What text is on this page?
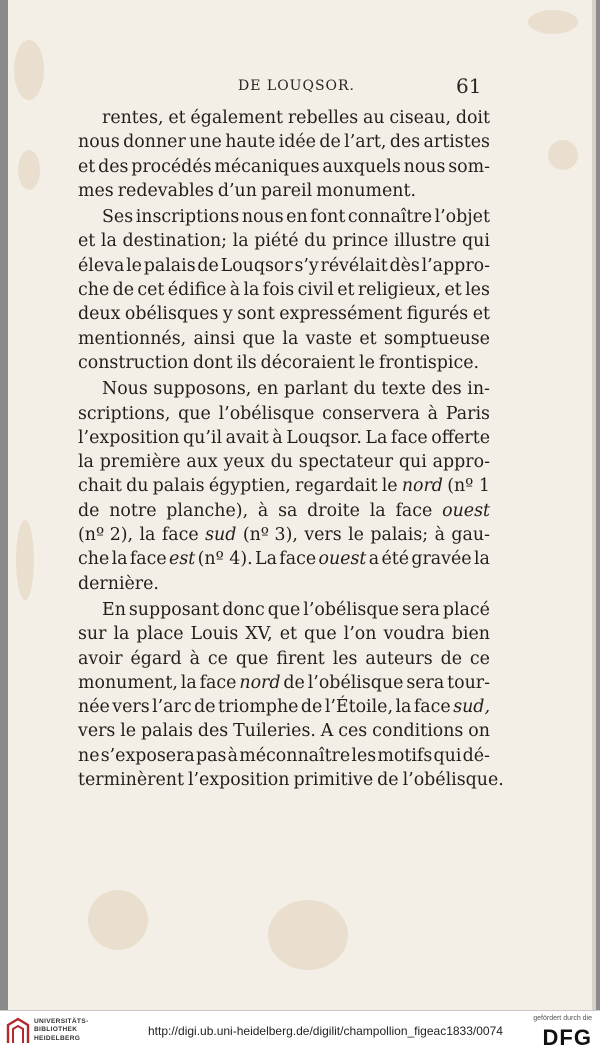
DE LOUQSOR.	61
rentes, et également rebelles au ciseau, doit
nous donner une haute idée de l’art, des artistes
et des procédés mécaniques auxquels nous som-
mes redevables d’un pareil monument.
Ses inscriptions nous en font connaître l’objet
et la destination; la piété du prince illustre qui
éleva le palais de Louqsor s’y révélait dès l’appro-
che de cet édifice à la fois civil et religieux, et les
deux obélisques y sont expressément figurés et
mentionnés, ainsi que la vaste et somptueuse
construction dont ils décoraient le frontispice.
Nous supposons, en parlant du texte des in-
scriptions, que l’obélisque conservera à Paris
l’exposition qu’il avait à Louqsor. La face offerte
la première aux yeux du spectateur qui appro-
chait du palais égyptien, regardait le nord (nº 1
de notre planche), à sa droite la face ouest
(nº 2), la face sud (nº 3), vers le palais; à gau-
che la face est (nº 4). La face ouest a été gravée la
dernière.
En supposant donc que l’obélisque sera placé
sur la place Louis XV, et que l’on voudra bien
avoir égard à ce que firent les auteurs de ce
monument, la face nord de l’obélisque sera tour-
née vers l’arc de triomphe de l’Étoile, la face sud,
vers le palais des Tuileries. A ces conditions on
ne s’exposera pas à méconnaître les motifs qui dé-
terminèrent l’exposition primitive de l’obélisque.
UNIVERSITÄTS-
BIBLIOTHEK
HEIDELBERG
http://digi.ub.uni-heidelberg.de/digilit/champollion_figeac1833/0074
gefördert durch die
DFG
